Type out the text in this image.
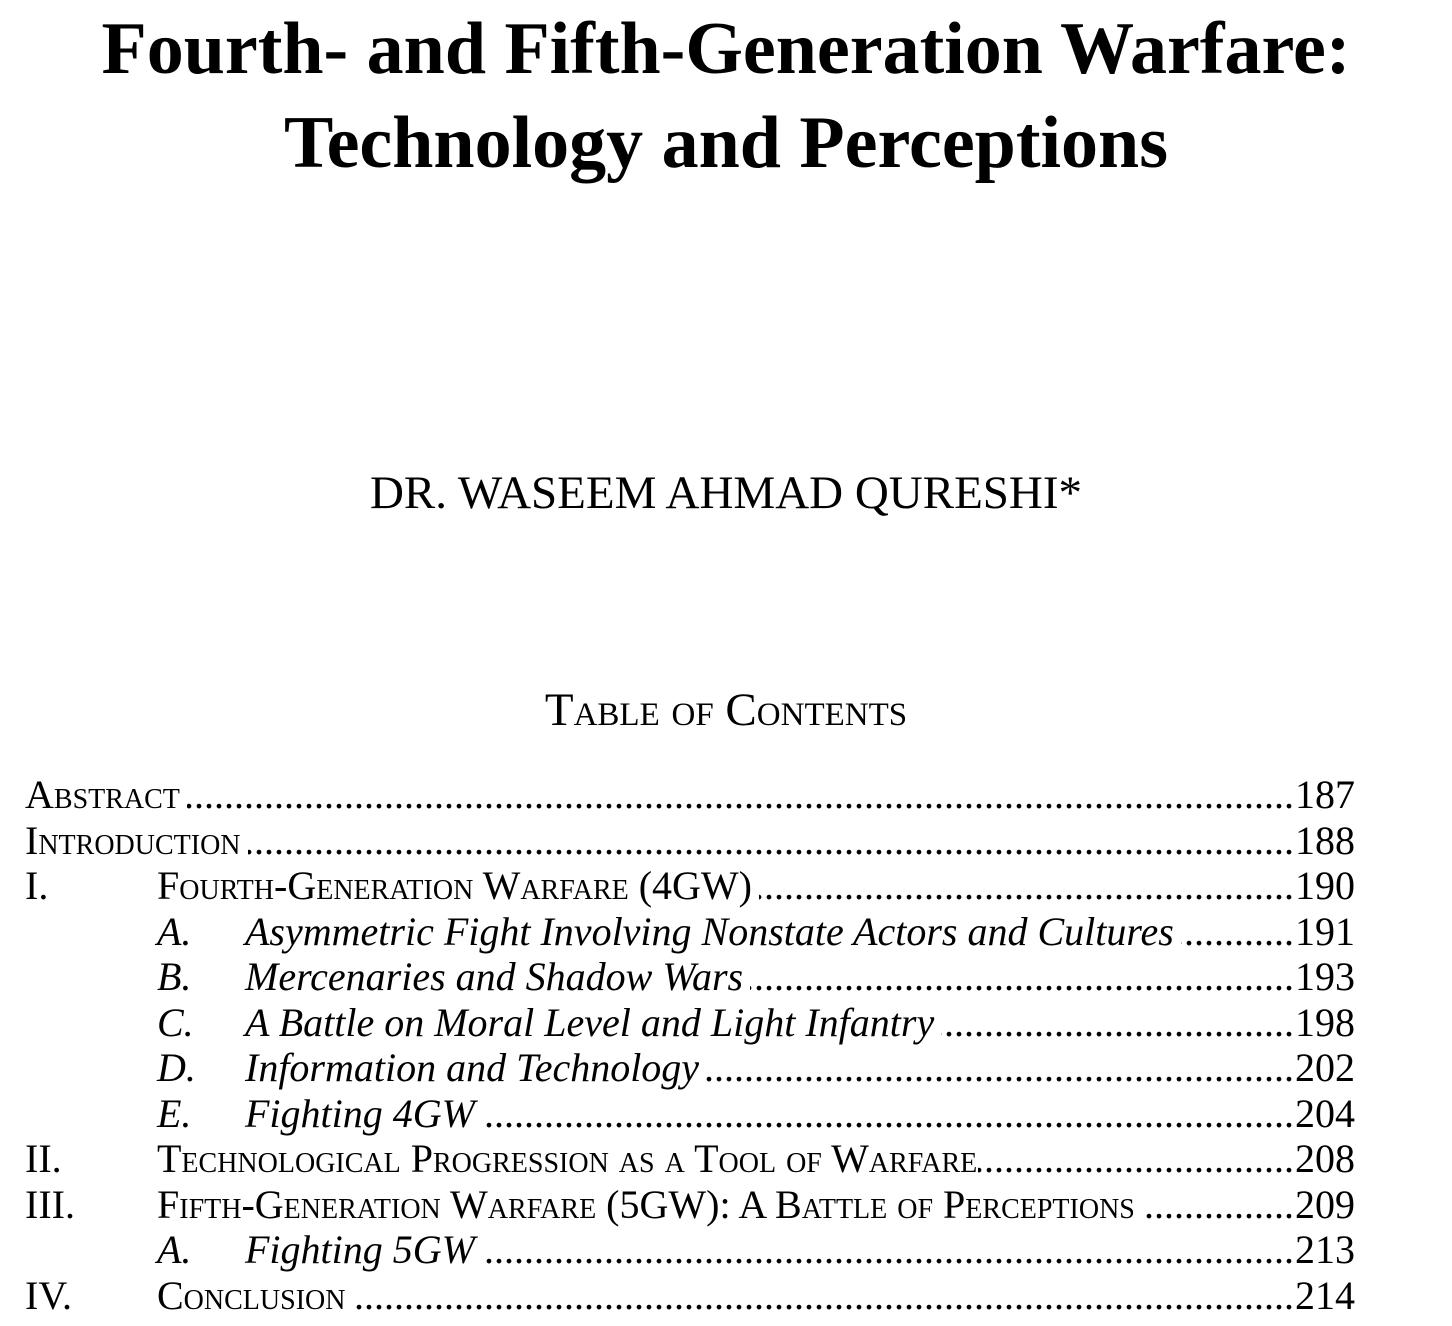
Fourth- and Fifth-Generation Warfare:
Technology and Perceptions
DR. WASEEM AHMAD QURESHI*
Table of Contents
Abstract .....	187
Introduction .....	188
I.	Fourth-Generation Warfare (4GW) .....	190
A.	Asymmetric Fight Involving Nonstate Actors and Cultures .....	191
B.	Mercenaries and Shadow Wars .....	193
C.	A Battle on Moral Level and Light Infantry .....	198
D.	Information and Technology .....	202
E.	Fighting 4GW .....	204
II.	Technological Progression as a Tool of Warfare .....	208
III.	Fifth-Generation Warfare (5GW): A Battle of Perceptions .....	209
A.	Fighting 5GW .....	213
IV.	Conclusion .....	214
